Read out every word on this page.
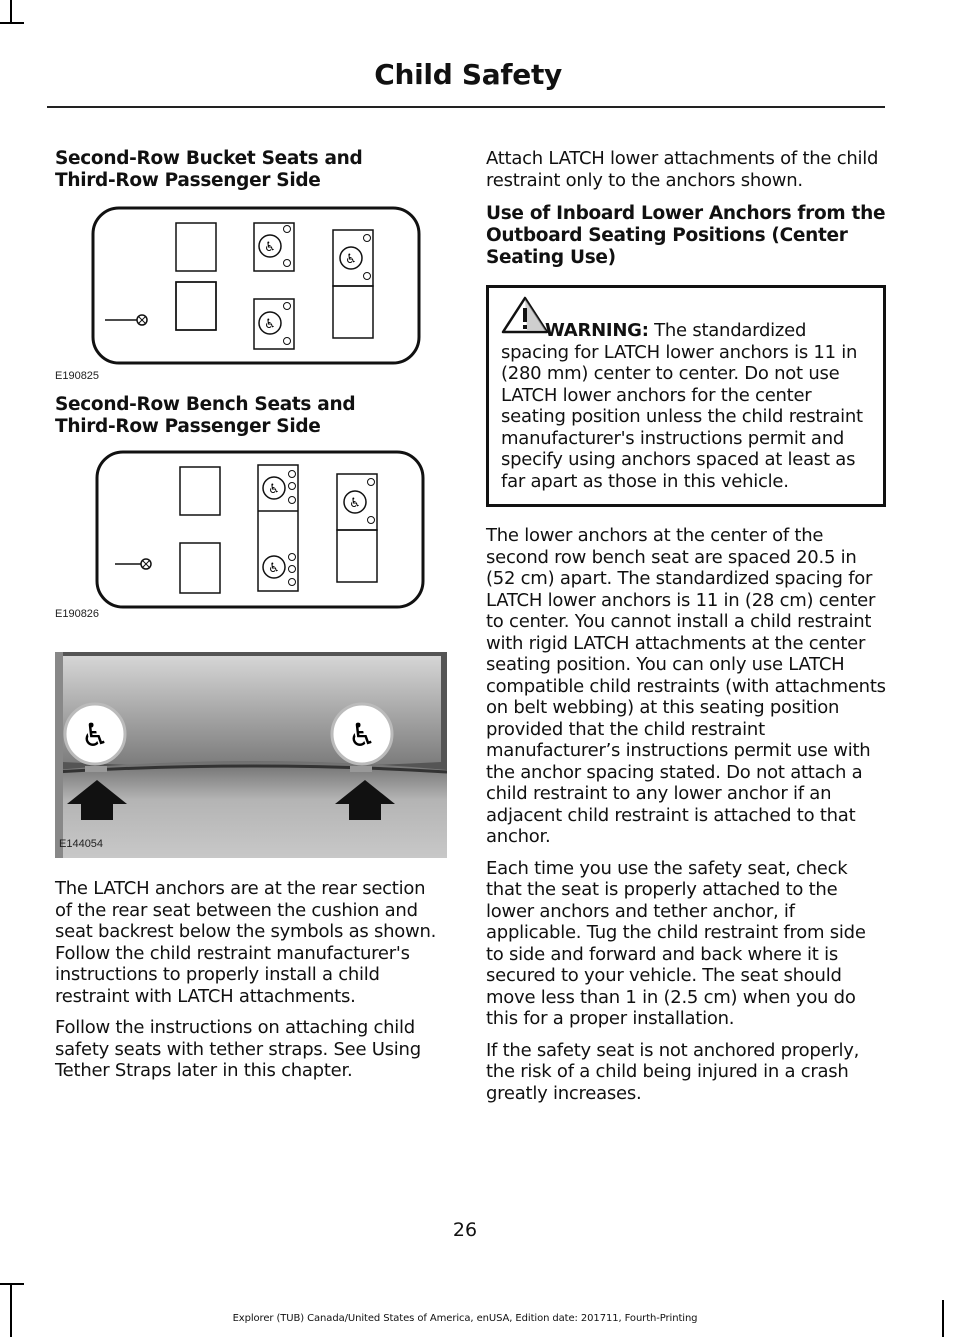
Child Safety
Second-Row Bucket Seats and Third-Row Passenger Side
♿
♿
♿
E190825
Second-Row Bench Seats and Third-Row Passenger Side
♿
♿
♿
E190826
♿	♿
E144054

The LATCH anchors are at the rear section of the rear seat between the cushion and seat backrest below the symbols as shown. Follow the child restraint manufacturer's instructions to properly install a child restraint with LATCH attachments.

Follow the instructions on attaching child safety seats with tether straps. See Using Tether Straps later in this chapter.

Attach LATCH lower attachments of the child restraint only to the anchors shown.

Use of Inboard Lower Anchors from the Outboard Seating Positions (Center Seating Use)

WARNING: The standardized spacing for LATCH lower anchors is 11 in (280 mm) center to center. Do not use LATCH lower anchors for the center seating position unless the child restraint manufacturer's instructions permit and specify using anchors spaced at least as far apart as those in this vehicle.

The lower anchors at the center of the second row bench seat are spaced 20.5 in (52 cm) apart. The standardized spacing for LATCH lower anchors is 11 in (28 cm) center to center. You cannot install a child restraint with rigid LATCH attachments at the center seating position. You can only use LATCH compatible child restraints (with attachments on belt webbing) at this seating position provided that the child restraint manufacturer’s instructions permit use with the anchor spacing stated. Do not attach a child restraint to any lower anchor if an adjacent child restraint is attached to that anchor.

Each time you use the safety seat, check that the seat is properly attached to the lower anchors and tether anchor, if applicable. Tug the child restraint from side to side and forward and back where it is secured to your vehicle. The seat should move less than 1 in (2.5 cm) when you do this for a proper installation.

If the safety seat is not anchored properly, the risk of a child being injured in a crash greatly increases.

26
Explorer (TUB) Canada/United States of America, enUSA, Edition date: 201711, Fourth-Printing
